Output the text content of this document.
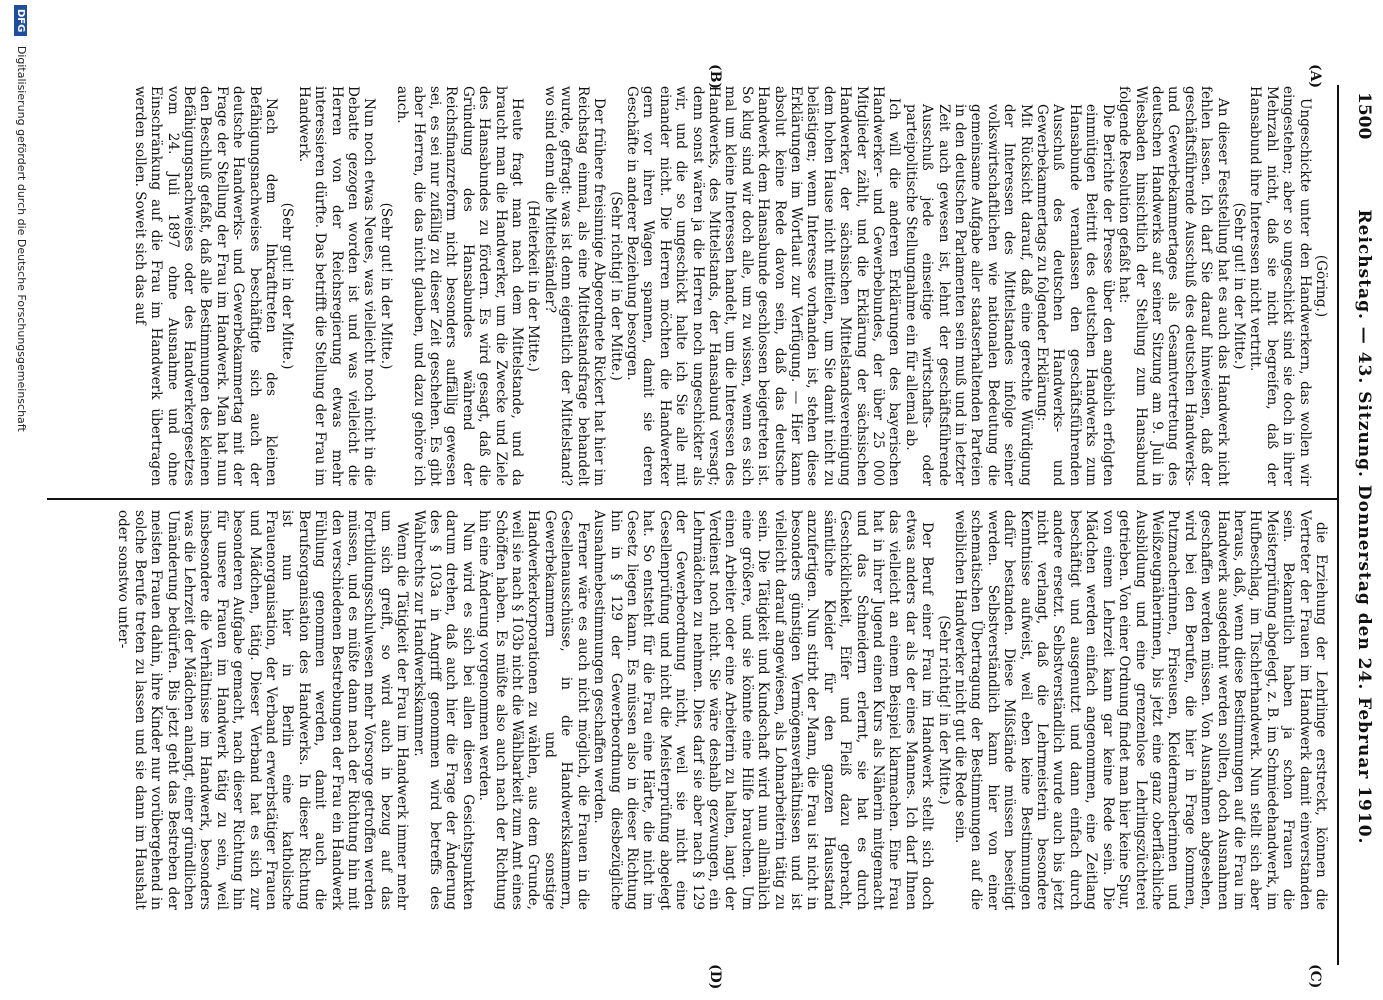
1500
Reichstag. — 43. Sitzung. Donnerstag den 24. Februar 1910.
(A)
(B)
(C)
(D)

(Göring.)

Ungeschickte unter den Handwerkern, das wollen wir eingestehen; aber so ungeschickt sind sie doch in ihrer Mehrzahl nicht, daß sie nicht begreifen, daß der Hansabund ihre Interessen nicht vertritt.

(Sehr gut! in der Mitte.)

An dieser Feststellung hat es auch das Handwerk nicht fehlen lassen. Ich darf Sie darauf hinweisen, daß der geschäftsführende Ausschuß des deutschen Handwerks- und Gewerbekammertages als Gesamtvertretung des deutschen Handwerks auf seiner Sitzung am 9. Juli in Wiesbaden hinsichtlich der Stellung zum Hansabund folgende Resolution gefaßt hat:

Die Berichte der Presse über den angeblich erfolgten einmütigen Beitritt des deutschen Handwerks zum Hansabunde veranlassen den geschäftsführenden Ausschuß des deutschen Handwerks- und Gewerbekammertags zu folgender Erklärung:

Mit Rücksicht darauf, daß eine gerechte Würdigung der Interessen des Mittelstandes infolge seiner volkswirtschaftlichen wie nationalen Bedeutung die gemeinsame Aufgabe aller staatserhaltenden Parteien in den deutschen Parlamenten sein muß und in letzter Zeit auch gewesen ist, lehnt der geschäftsführende Ausschuß jede einseitige wirtschafts- oder parteipolitische Stellungnahme ein für allemal ab.

Ich will die anderen Erklärungen des bayerischen Handwerker- und Gewerbebundes, der über 25 000 Mitglieder zählt, und die Erklärung der sächsischen Handwerker, der sächsischen Mittelstandsvereinigung dem hohen Hause nicht mitteilen, um Sie damit nicht zu belästigen; wenn Interesse vorhanden ist, stehen diese Erklärungen im Wortlaut zur Verfügung. — Hier kann absolut keine Rede davon sein, daß das deutsche Handwerk dem Hansabunde geschlossen beigetreten ist. So klug sind wir doch alle, um zu wissen, wenn es sich mal um kleine Interessen handelt, um die Interessen des Handwerks, des Mittelstands, der Hansabund versagt; denn sonst wären ja die Herren noch ungeschickter als wir, und die so ungeschickt halte ich Sie alle mit einander nicht. Die Herren möchten die Handwerker gern vor ihren Wagen spannen, damit sie deren Geschäfte in anderer Beziehung besorgen.

(Sehr richtig! in der Mitte.)

Der frühere freisinnige Abgeordnete Rickert hat hier im Reichstag einmal, als eine Mittelstandsfrage behandelt wurde, gefragt: was ist denn eigentlich der Mittelstand? wo sind denn die Mittelständler?

(Heiterkeit in der Mitte.)

Heute fragt man nach dem Mittelstande, und da braucht man die Handwerker, um die Zwecke und Ziele des Hansabundes zu fördern. Es wird gesagt, daß die Gründung des Hansabundes während der Reichsfinanzreform nicht besonders auffällig gewesen sei, es sei nur zufällig zu dieser Zeit geschehen. Es gibt aber Herren, die das nicht glauben, und dazu gehöre ich auch.

(Sehr gut! in der Mitte.)

Nun noch etwas Neues, was vielleicht noch nicht in die Debatte gezogen worden ist und was vielleicht die Herren von der Reichsregierung etwas mehr interessieren dürfte. Das betrifft die Stellung der Frau im Handwerk.

(Sehr gut! in der Mitte.)

Nach dem Inkrafttreten des kleinen Befähigungsnachweises beschäftigte sich auch der deutsche Handwerks- und Gewerbekammertag mit der Frage der Stellung der Frau im Handwerk. Man hat nun den Beschluß gefaßt, daß alle Bestimmungen des kleinen Befähigungsnachweises oder des Handwerkergesetzes vom 24. Juli 1897 ohne Ausnahme und ohne Einschränkung auf die Frau im Handwerk übertragen werden sollen. Soweit sich das auf

die Erziehung der Lehrlinge erstreckt, können die Vertreter der Frauen im Handwerk damit einverstanden sein. Bekanntlich haben ja schon Frauen die Meisterprüfung abgelegt, z. B. im Schmiedehandwerk, im Hufbeschlag, im Tischlerhandwerk. Nun stellt sich aber heraus, daß, wenn diese Bestimmungen auf die Frau im Handwerk ausgedehnt werden sollten, doch Ausnahmen geschaffen werden müssen. Von Ausnahmen abgesehen, wird bei den Berufen, die hier in Frage kommen, Putzmacherinnen, Friseusen, Kleidermacherinnen und Weißzeugnäherinnen, bis jetzt eine ganz oberflächliche Ausbildung und eine grenzenlose Lehrlingszüchterei getrieben. Von einer Ordnung findet man hier keine Spur, von einem Lehrzeit kann gar keine Rede sein. Die Mädchen werden einfach angenommen, eine Zeitlang beschäftigt und ausgenutzt und dann einfach durch andere ersetzt. Selbstverständlich wurde auch bis jetzt nicht verlangt, daß die Lehrmeisterin besondere Kenntnisse aufweist, weil eben keine Bestimmungen dafür bestanden. Diese Mißstände müssen beseitigt werden. Selbstverständlich kann hier von einer schematischen Übertragung der Bestimmungen auf die weiblichen Handwerker nicht gut die Rede sein.

(Sehr richtig! in der Mitte.)

Der Beruf einer Frau im Handwerk stellt sich doch etwas anders dar als der eines Mannes. Ich darf Ihnen das vielleicht an einem Beispiel klarmachen. Eine Frau hat in ihrer Jugend einen Kurs als Näherin mitgemacht und das Schneidern erlernt, sie hat es durch Geschicklichkeit, Eifer und Fleiß dazu gebracht, sämtliche Kleider für den ganzen Hausstand anzufertigen. Nun stirbt der Mann, die Frau ist nicht in besonders günstigen Vermögensverhältnissen und ist vielleicht darauf angewiesen, als Lohnarbeiterin tätig zu sein. Die Tätigkeit und Kundschaft wird nun allmählich eine größere, und sie könnte eine Hilfe brauchen. Um einen Arbeiter oder eine Arbeiterin zu halten, langt der Verdienst noch nicht. Sie wäre deshalb gezwungen, ein Lehrmädchen zu nehmen. Dies darf sie aber nach § 129 der Gewerbeordnung nicht, weil sie nicht eine Gesellenprüfung und nicht die Meisterprüfung abgelegt hat. So entsteht für die Frau eine Härte, die nicht im Gesetz liegen kann. Es müssen also in dieser Richtung hin in § 129 der Gewerbeordnung diesbezügliche Ausnahmebestimmungen geschaffen werden.

Ferner wäre es auch nicht möglich, die Frauen in die Gesellenausschüsse, in die Handwerkskammern, Gewerbekammern und sonstige Handwerkerkorporationen zu wählen, aus dem Grunde, weil sie nach § 103b nicht die Wählbarkeit zum Amt eines Schöffen haben. Es müßte also auch nach der Richtung hin eine Änderung vorgenommen werden.

Nun wird es sich bei allen diesen Gesichtspunkten darum drehen, daß auch hier die Frage der Änderung des § 103a in Angriff genommen wird betreffs des Wahlrechts zur Handwerkskammer.

Wenn die Tätigkeit der Frau im Handwerk immer mehr um sich greift, so wird auch in bezug auf das Fortbildungsschulwesen mehr Vorsorge getroffen werden müssen, und es müßte dann nach der Richtung hin mit den verschiedenen Bestrebungen der Frau ein Handwerk Fühlung genommen werden, damit auch die Berufsorganisation des Handwerks. In dieser Richtung ist nun hier in Berlin eine katholische Frauenorganisation, der Verband erwerbstätiger Frauen und Mädchen, tätig. Dieser Verband hat es sich zur besonderen Aufgabe gemacht, nach dieser Richtung hin für unsere Frauen im Handwerk tätig zu sein, weil insbesondere die Verhältnisse im Handwerk, besonders was die Lehrzeit der Mädchen anlangt, einer gründlichen Umänderung bedürfen. Bis jetzt geht das Bestreben der meisten Frauen dahin, ihre Kinder nur vorübergehend in solche Berufe treten zu lassen und sie dann im Haushalt oder sonstwo unter-

DFG Digitalisierung gefördert durch die Deutsche Forschungsgemeinschaft
